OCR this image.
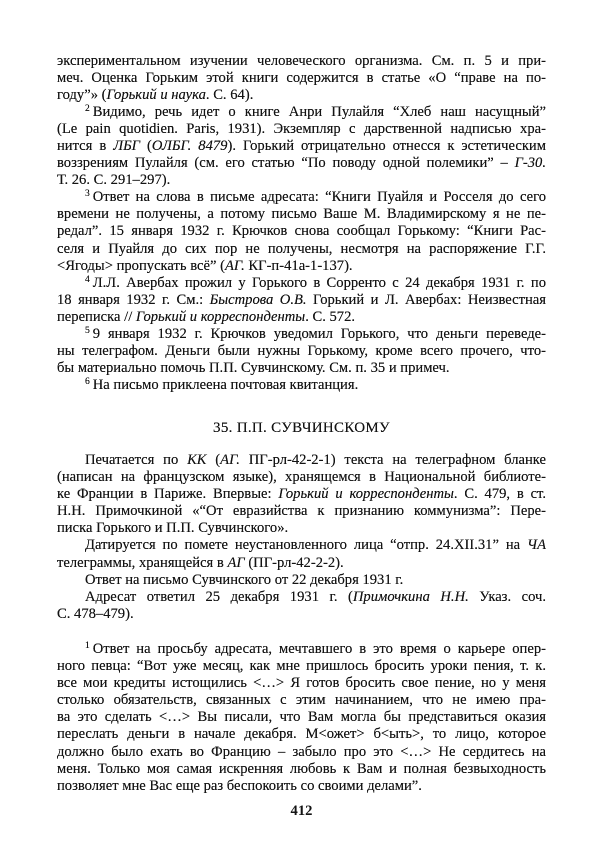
экспериментальном изучении человеческого организма. См. п. 5 и при-
меч. Оценка Горьким этой книги содержится в статье «О “праве на по-
году”» (Горький и наука. С. 64).
$^2$ Видимо, речь идет о книге Анри Пулайля “Хлеб наш насущный”
(Le pain quotidien. Paris, 1931). Экземпляр с дарственной надписью хра-
нится в ЛБГ (ОЛБГ. 8479). Горький отрицательно отнесся к эстетическим
воззрениям Пулайля (см. его статью “По поводу одной полемики” – Г-30.
Т. 26. С. 291–297).
$^3$ Ответ на слова в письме адресата: “Книги Пуайля и Росселя до сего
времени не получены, а потому письмо Ваше М. Владимирскому я не пе-
редал”. 15 января 1932 г. Крючков снова сообщал Горькому: “Книги Рас-
селя и Пуайля до сих пор не получены, несмотря на распоряжение Г.Г.
<Ягоды> пропускать всё” (АГ. КГ-п-41а-1-137).
$^4$ Л.Л. Авербах прожил у Горького в Сорренто с 24 декабря 1931 г. по
18 января 1932 г. См.: Быстрова О.В. Горький и Л. Авербах: Неизвестная
переписка // Горький и корреспонденты. С. 572.
$^5$ 9 января 1932 г. Крючков уведомил Горького, что деньги переведе-
ны телеграфом. Деньги были нужны Горькому, кроме всего прочего, что-
бы материально помочь П.П. Сувчинскому. См. п. 35 и примеч.
$^6$ На письмо приклеена почтовая квитанция.
35. П.П. СУВЧИНСКОМУ
Печатается по КК (АГ. ПГ-рл-42-2-1) текста на телеграфном бланке
(написан на французском языке), хранящемся в Национальной библиоте-
ке Франции в Париже. Впервые: Горький и корреспонденты. С. 479, в ст.
Н.Н. Примочкиной «“От евразийства к признанию коммунизма”: Пере-
писка Горького и П.П. Сувчинского».
Датируется по помете неустановленного лица “отпр. 24.XII.31” на ЧА
телеграммы, хранящейся в АГ (ПГ-рл-42-2-2).
Ответ на письмо Сувчинского от 22 декабря 1931 г.
Адресат ответил 25 декабря 1931 г. (Примочкина Н.Н. Указ. соч.
С. 478–479).
$^1$ Ответ на просьбу адресата, мечтавшего в это время о карьере опер-
ного певца: “Вот уже месяц, как мне пришлось бросить уроки пения, т. к.
все мои кредиты истощились <…> Я готов бросить свое пение, но у меня
столько обязательств, связанных с этим начинанием, что не имею пра-
ва это сделать <…> Вы писали, что Вам могла бы представиться оказия
переслать деньги в начале декабря. М<ожет> б<ыть>, то лицо, которое
должно было ехать во Францию – забыло про это <…> Не сердитесь на
меня. Только моя самая искренняя любовь к Вам и полная безвыходность
позволяет мне Вас еще раз беспокоить со своими делами”.
412
